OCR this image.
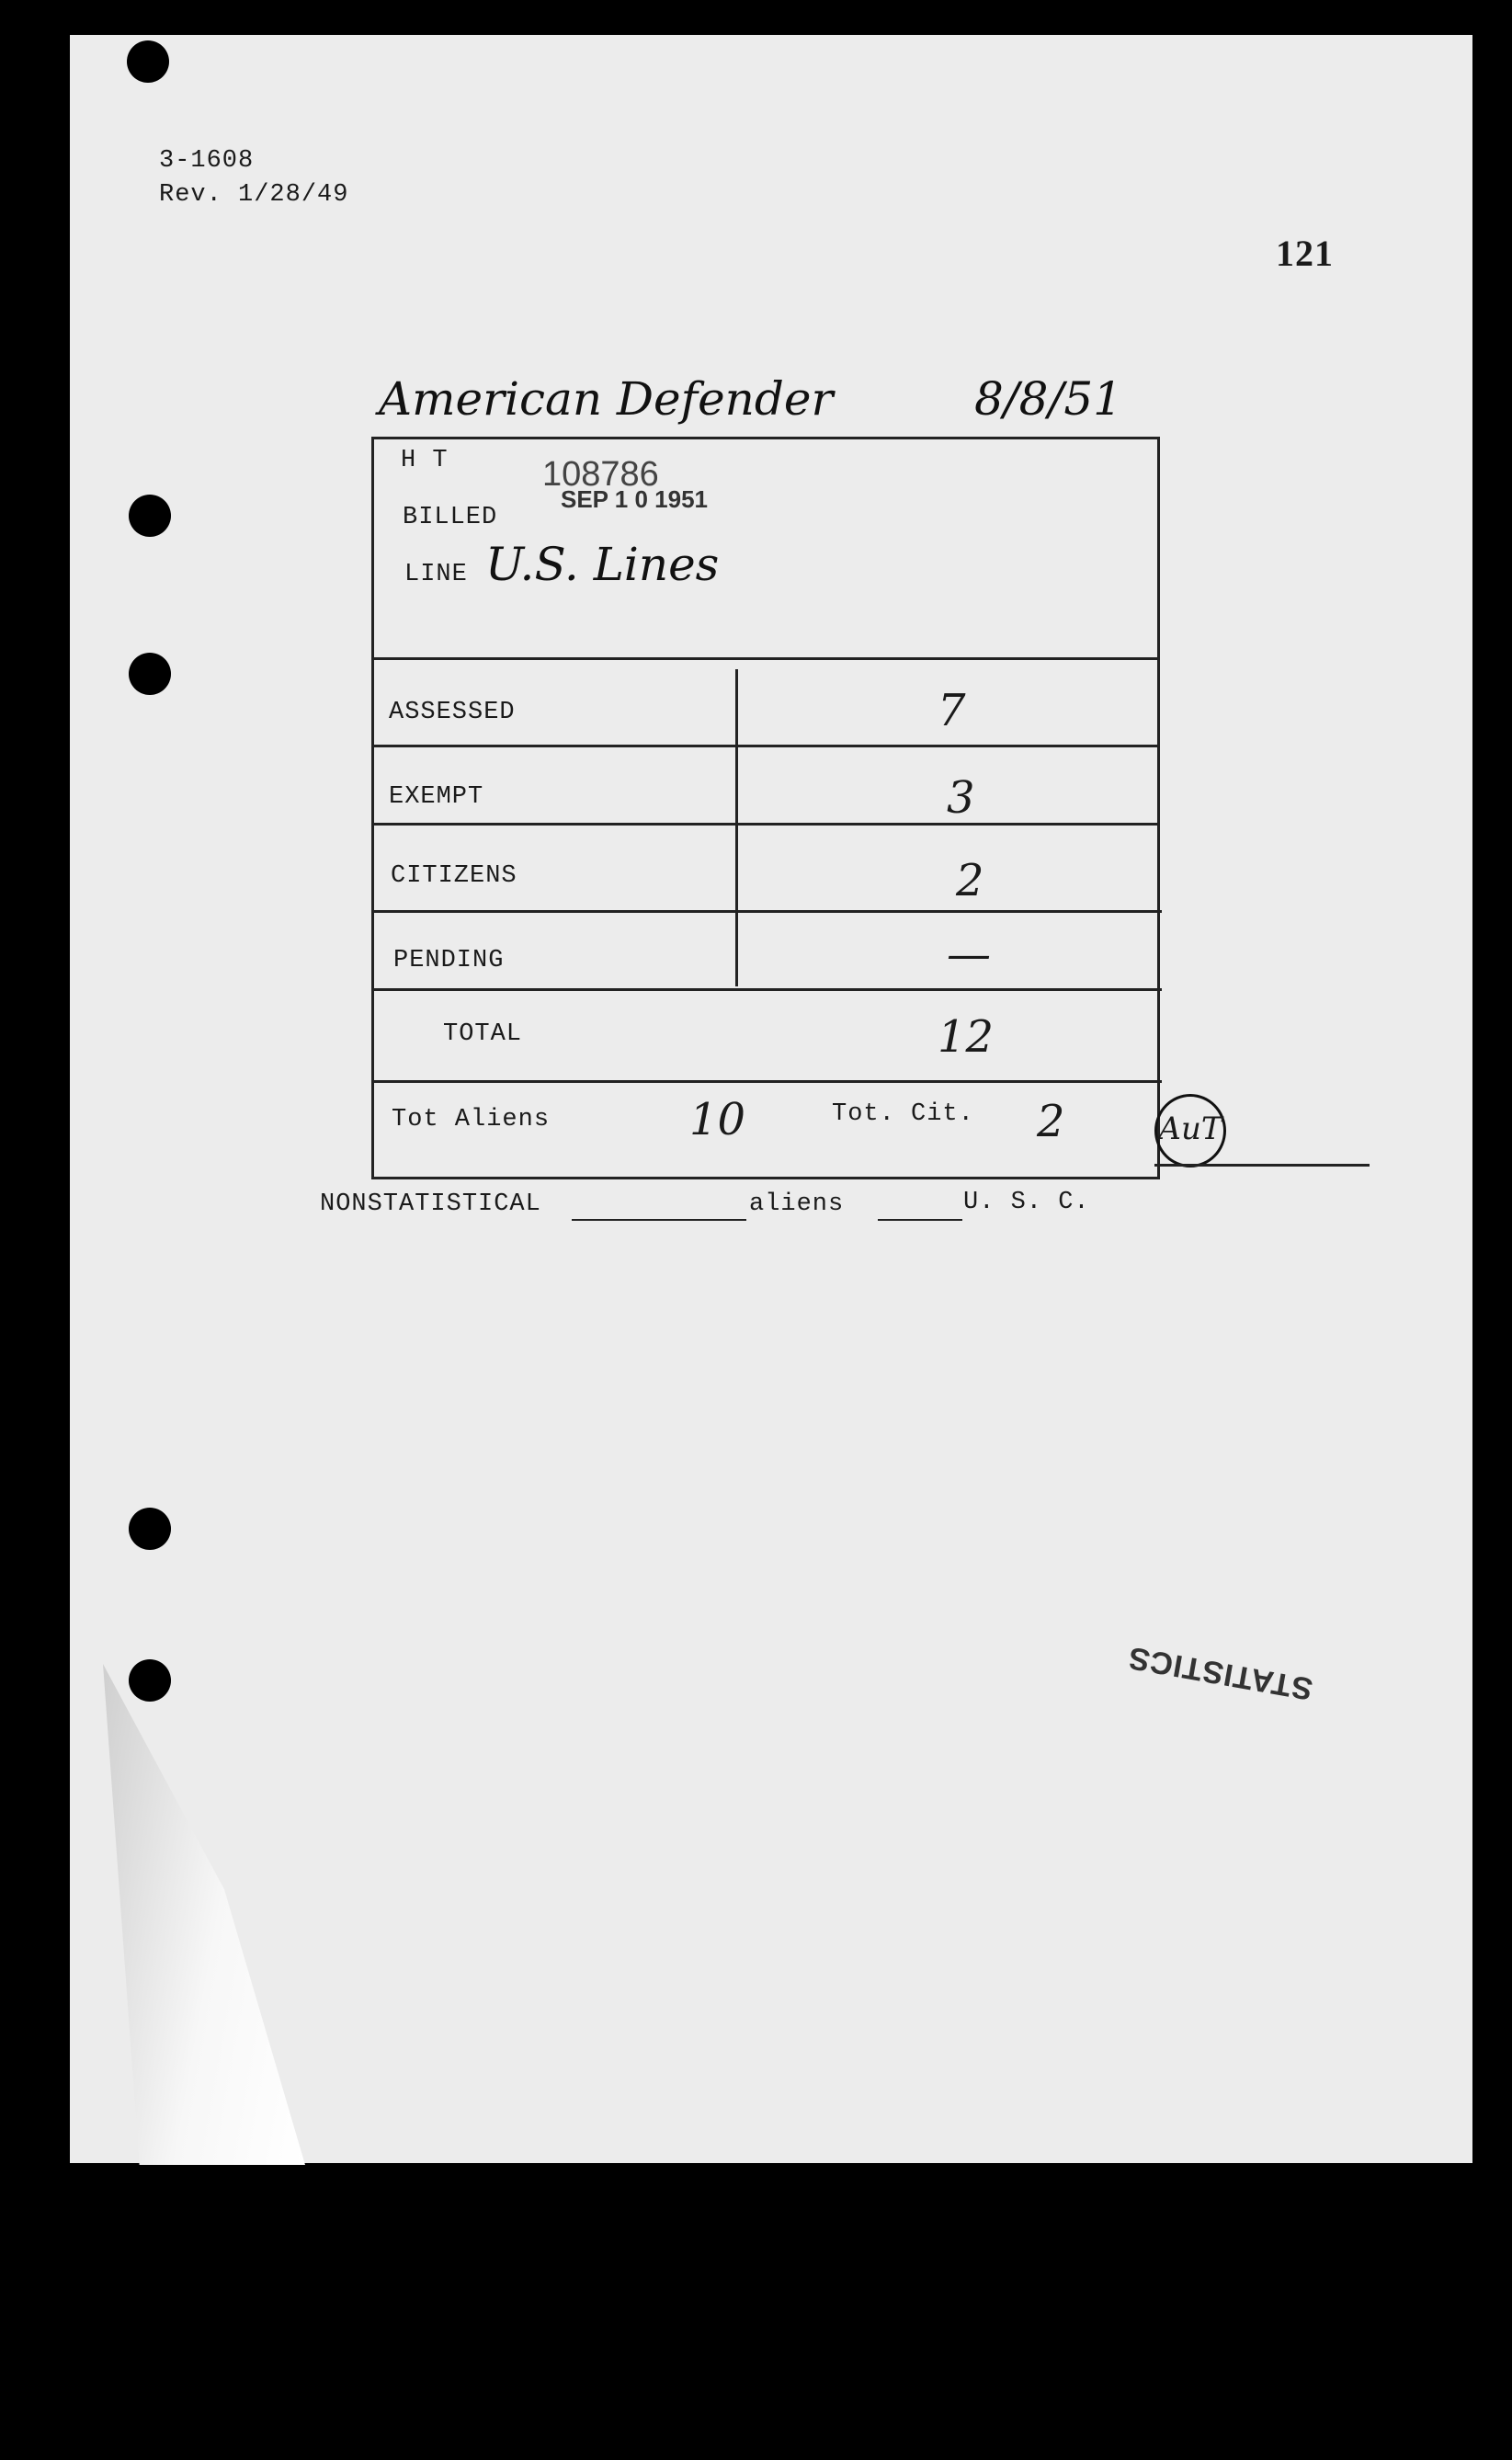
3-1608
Rev. 1/28/49
121
American Defender	8/8/51
H T	108786
SEP 1 0 1951
BILLED
LINE U.S. Lines
ASSESSED	7
EXEMPT	3
CITIZENS	2
PENDING	—
TOTAL	12
Tot Aliens	10	Tot. Cit. 2	AuT
NONSTATISTICAL	aliens	U. S. C.
STATISTICS
